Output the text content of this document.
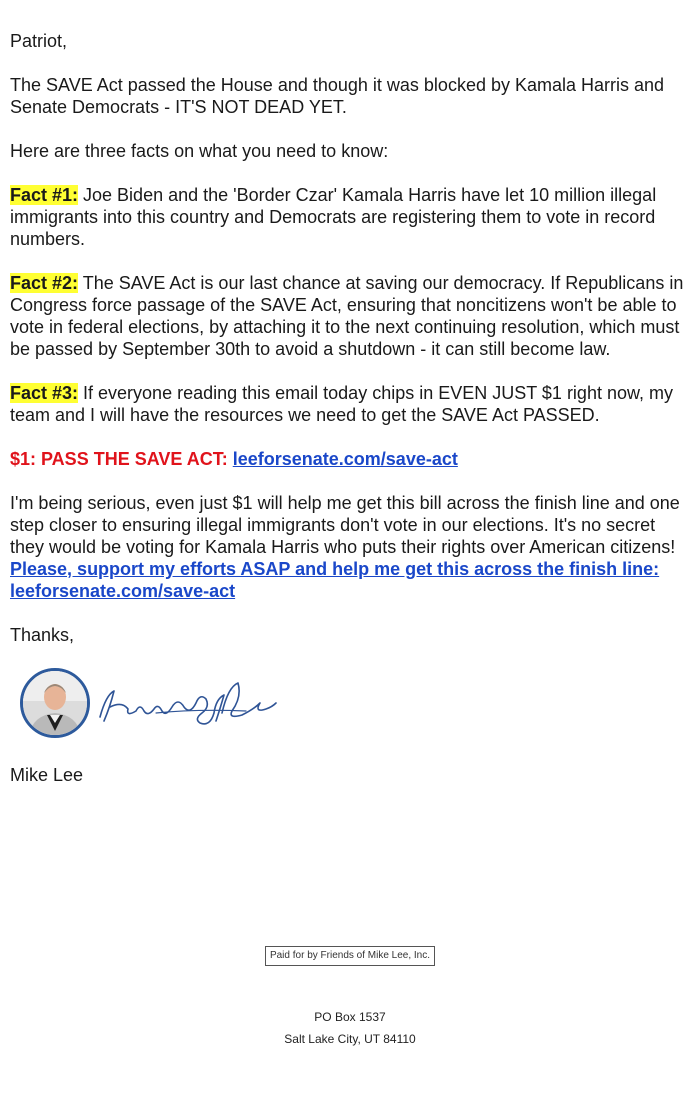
Patriot,

The SAVE Act passed the House and though it was blocked by Kamala Harris and Senate Democrats - IT'S NOT DEAD YET.

Here are three facts on what you need to know:

Fact #1: Joe Biden and the 'Border Czar' Kamala Harris have let 10 million illegal immigrants into this country and Democrats are registering them to vote in record numbers.

Fact #2: The SAVE Act is our last chance at saving our democracy. If Republicans in Congress force passage of the SAVE Act, ensuring that noncitizens won't be able to vote in federal elections, by attaching it to the next continuing resolution, which must be passed by September 30th to avoid a shutdown - it can still become law.

Fact #3: If everyone reading this email today chips in EVEN JUST $1 right now, my team and I will have the resources we need to get the SAVE Act PASSED.

$1: PASS THE SAVE ACT: leeforsenate.com/save-act

I'm being serious, even just $1 will help me get this bill across the finish line and one step closer to ensuring illegal immigrants don't vote in our elections. It's no secret they would be voting for Kamala Harris who puts their rights over American citizens!
Please, support my efforts ASAP and help me get this across the finish line:
leeforsenate.com/save-act

Thanks,

Mike Lee

Paid for by Friends of Mike Lee, Inc.
PO Box 1537
Salt Lake City, UT 84110
